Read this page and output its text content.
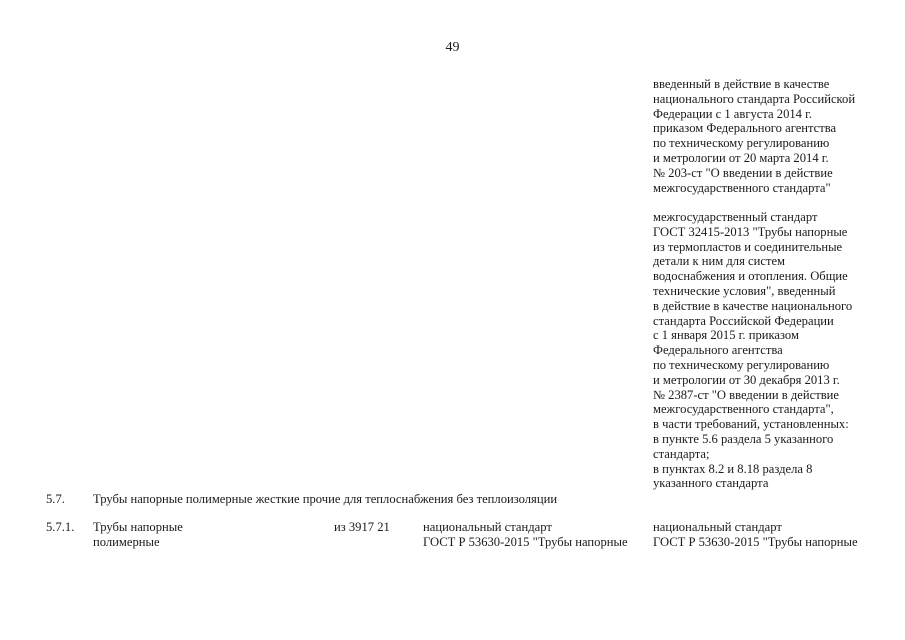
49
введенный в действие в качестве
национального стандарта Российской
Федерации с 1 августа 2014 г.
приказом Федерального агентства
по техническому регулированию
и метрологии от 20 марта 2014 г.
№ 203-ст "О введении в действие
межгосударственного стандарта"
межгосударственный стандарт
ГОСТ 32415-2013 "Трубы напорные
из термопластов и соединительные
детали к ним для систем
водоснабжения и отопления. Общие
технические условия", введенный
в действие в качестве национального
стандарта Российской Федерации
с 1 января 2015 г. приказом
Федерального агентства
по техническому регулированию
и метрологии от 30 декабря 2013 г.
№ 2387-ст "О введении в действие
межгосударственного стандарта",
в части требований, установленных:
в пункте 5.6 раздела 5 указанного
стандарта;
в пунктах 8.2 и 8.18 раздела 8
указанного стандарта
5.7. Трубы напорные полимерные жесткие прочие для теплоснабжения без теплоизоляции
5.7.1. Трубы напорные
полимерные
из 3917 21	национальный стандарт
ГОСТ Р 53630-2015 "Трубы напорные
национальный стандарт
ГОСТ Р 53630-2015 "Трубы напорные
